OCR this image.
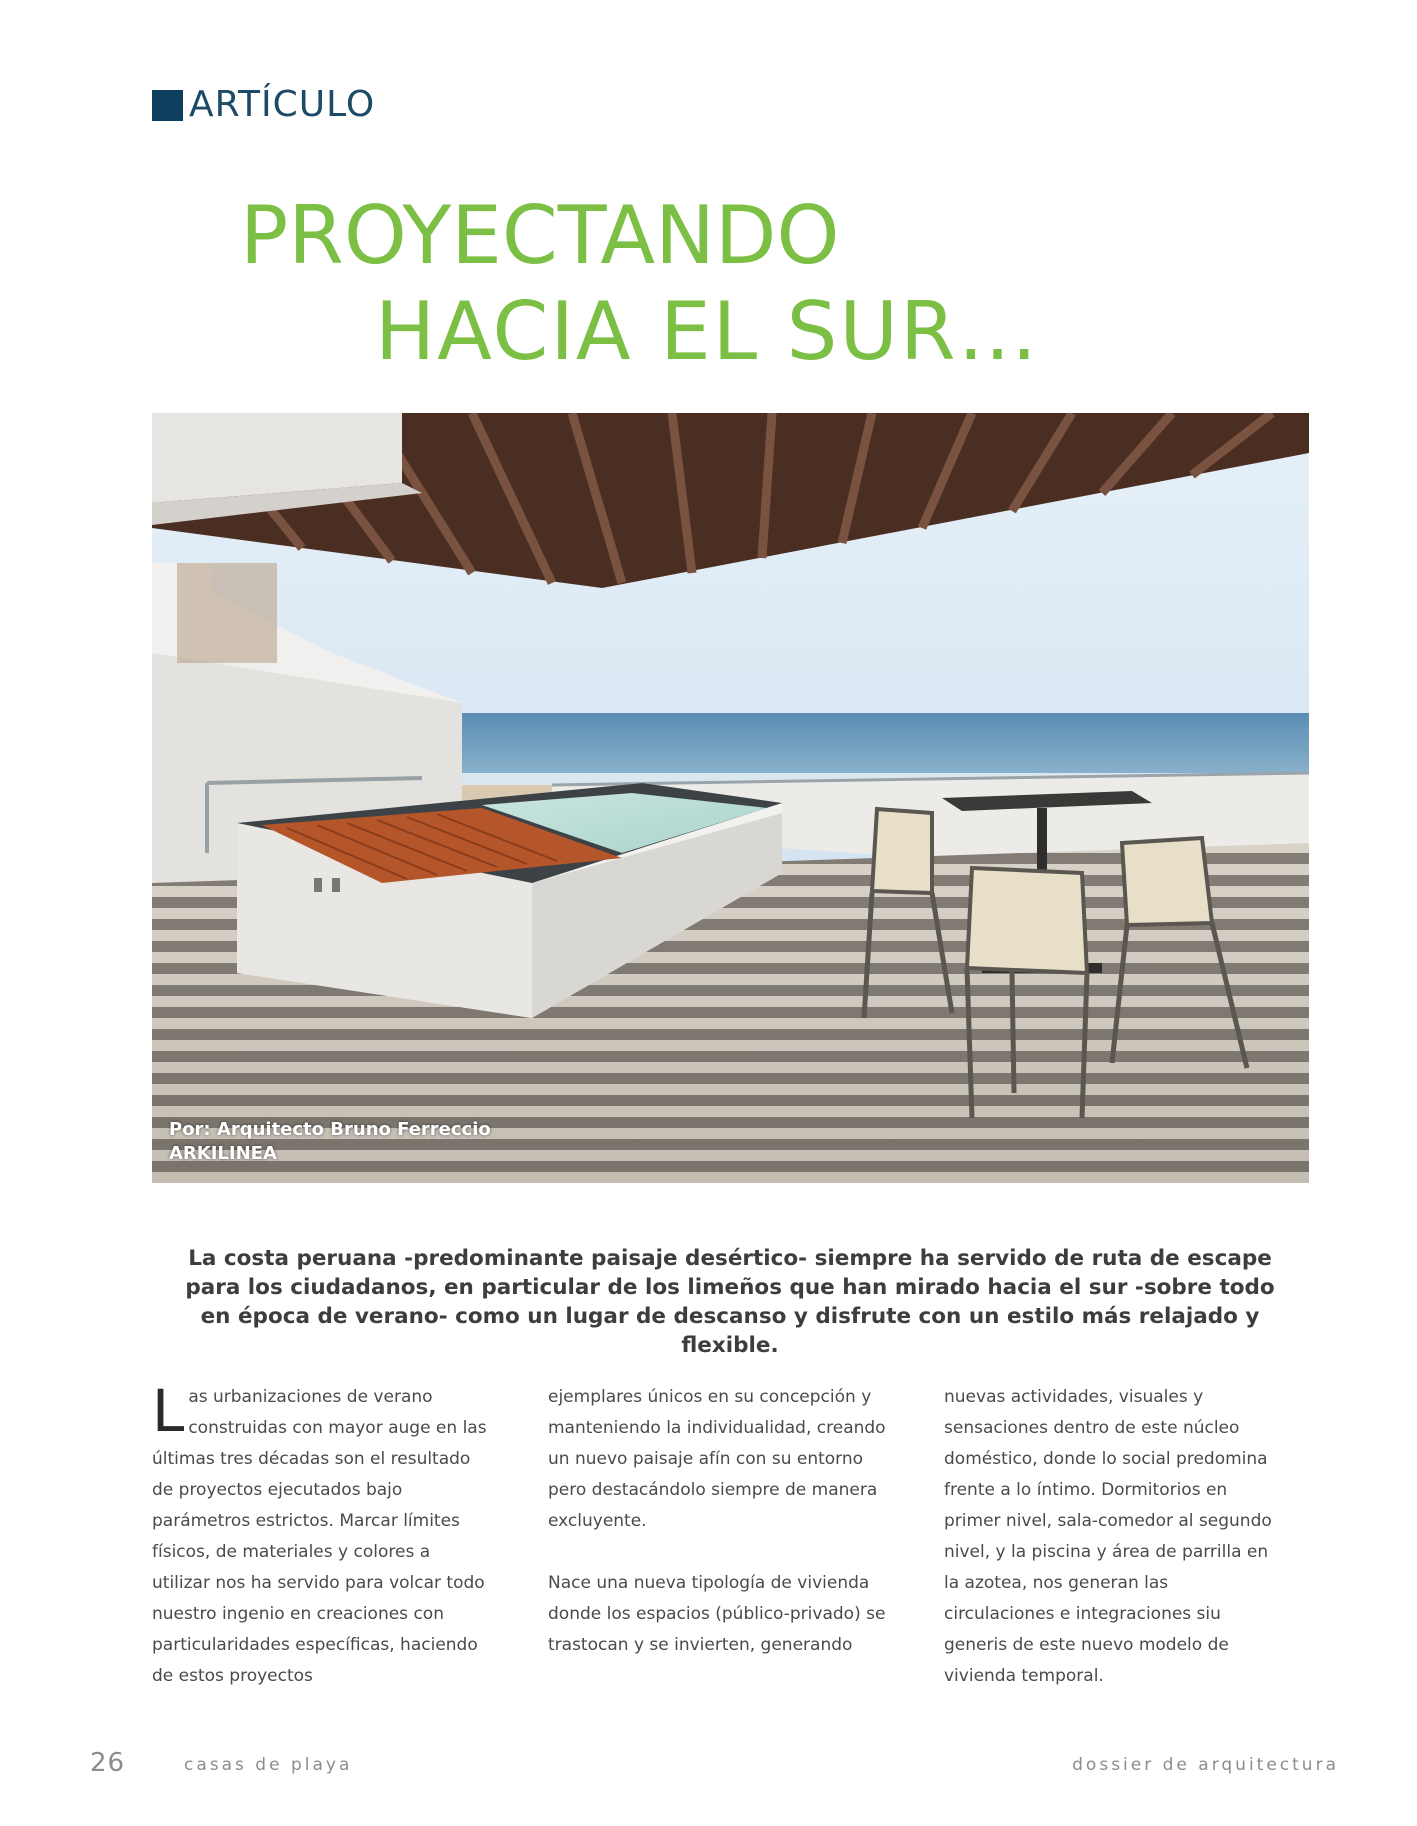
ARTÍCULO
PROYECTANDO
HACIA EL SUR…
Por: Arquitecto Bruno Ferreccio
ARKILINEA

La costa peruana -predominante paisaje desértico- siempre ha servido de ruta de escape para los ciudadanos, en particular de los limeños que han mirado hacia el sur -sobre todo en época de verano- como un lugar de descanso y disfrute con un estilo más relajado y flexible.

Las urbanizaciones de verano construidas con mayor auge en las últimas tres décadas son el resultado de proyectos ejecutados bajo parámetros estrictos. Marcar límites físicos, de materiales y colores a utilizar nos ha servido para volcar todo nuestro ingenio en creaciones con particularidades específicas, haciendo de estos proyectos

ejemplares únicos en su concepción y manteniendo la individualidad, creando un nuevo paisaje afín con su entorno pero destacándolo siempre de manera excluyente.

Nace una nueva tipología de vivienda donde los espacios (público-privado) se trastocan y se invierten, generando

nuevas actividades, visuales y sensaciones dentro de este núcleo doméstico, donde lo social predomina frente a lo íntimo. Dormitorios en primer nivel, sala-comedor al segundo nivel, y la piscina y área de parrilla en la azotea, nos generan las circulaciones e integraciones siu generis de este nuevo modelo de vivienda temporal.

26	casas de playa	dossier de arquitectura
